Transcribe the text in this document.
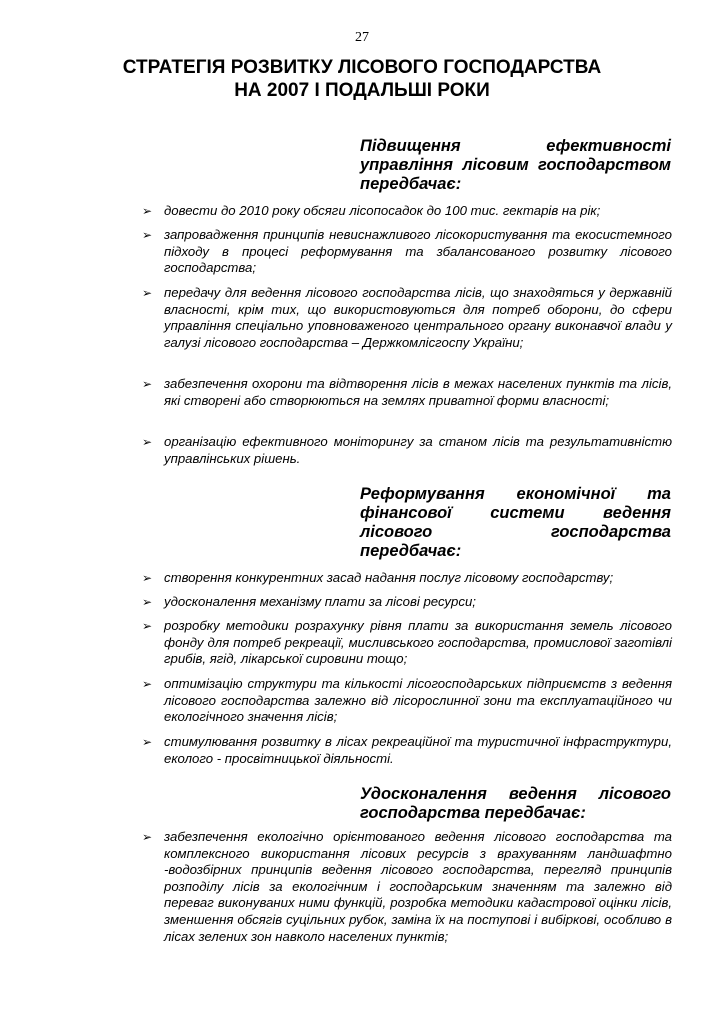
27
СТРАТЕГІЯ РОЗВИТКУ ЛІСОВОГО ГОСПОДАРСТВА
НА 2007 І ПОДАЛЬШІ РОКИ
Підвищення ефективності
управління лісовим господарством
передбачає:
➢ довести до 2010 року обсяги лісопосадок до 100 тис. гектарів на рік;
➢ запровадження принципів невиснажливого лісокористування та екосистемного підходу в процесі реформування та збалансованого розвитку лісового господарства;
➢ передачу для ведення лісового господарства лісів, що знаходяться у державній власності, крім тих, що використовуються для потреб оборони, до сфери управління спеціально уповноваженого центрального органу виконавчої влади у галузі лісового господарства – Держкомлісгоспу України;
➢ забезпечення охорони та відтворення лісів в межах населених пунктів та лісів, які створені або створюються на землях приватної форми власності;
➢ організацію ефективного моніторингу за станом лісів та результативністю управлінських рішень.
Реформування економічної та
фінансової системи ведення
лісового господарства
передбачає:
➢ створення конкурентних засад надання послуг лісовому господарству;
➢ удосконалення механізму плати за лісові ресурси;
➢ розробку методики розрахунку рівня плати за використання земель лісового фонду для потреб рекреації, мисливського господарства, промислової заготівлі грибів, ягід, лікарської сировини тощо;
➢ оптимізацію структури та кількості лісогосподарських підприємств з ведення лісового господарства залежно від лісорослинної зони та експлуатаційного чи екологічного значення лісів;
➢ стимулювання розвитку в лісах рекреаційної та туристичної інфраструктури, еколого - просвітницької діяльності.
Удосконалення ведення лісового
господарства передбачає:
➢ забезпечення екологічно орієнтованого ведення лісового господарства та комплексного використання лісових ресурсів з врахуванням ландшафтно -водозбірних принципів ведення лісового господарства, перегляд принципів розподілу лісів за екологічним і господарським значенням та залежно від переваг виконуваних ними функцій, розробка методики кадастрової оцінки лісів, зменшення обсягів суцільних рубок, заміна їх на поступові і вибіркові, особливо в лісах зелених зон навколо населених пунктів;
